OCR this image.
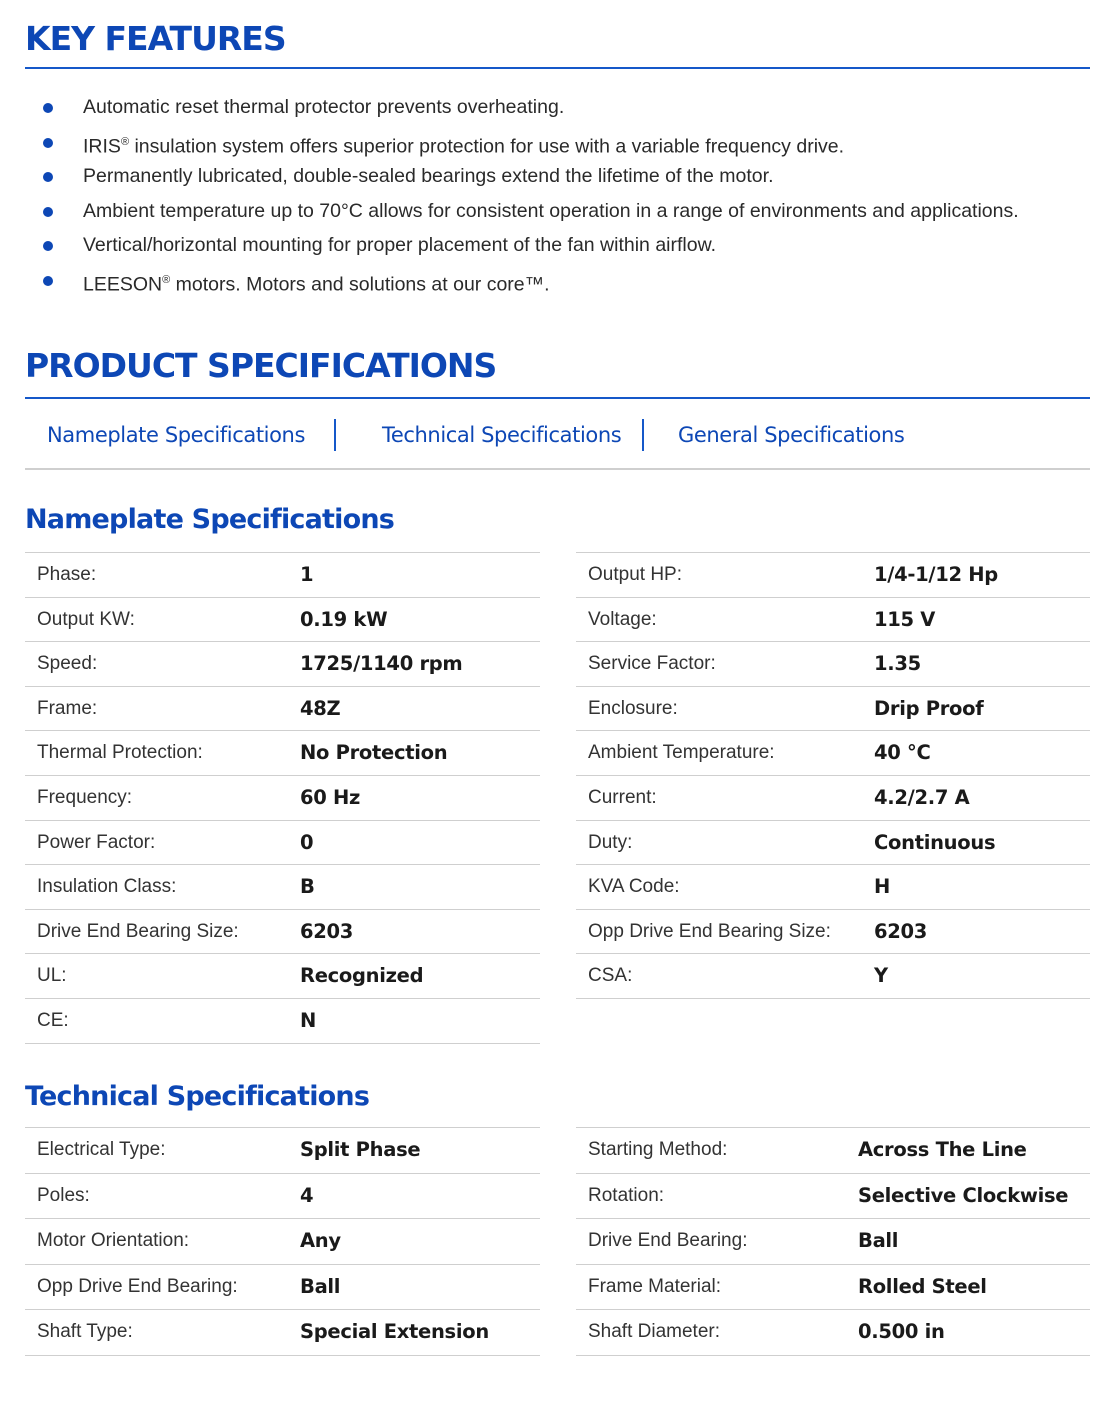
KEY FEATURES
Automatic reset thermal protector prevents overheating.
IRIS® insulation system offers superior protection for use with a variable frequency drive.
Permanently lubricated, double-sealed bearings extend the lifetime of the motor.
Ambient temperature up to 70°C allows for consistent operation in a range of environments and applications.
Vertical/horizontal mounting for proper placement of the fan within airflow.
LEESON® motors. Motors and solutions at our core™.
PRODUCT SPECIFICATIONS
Nameplate Specifications	Technical Specifications	General Specifications
Nameplate Specifications
Phase:	1
Output KW:	0.19 kW
Speed:	1725/1140 rpm
Frame:	48Z
Thermal Protection:	No Protection
Frequency:	60 Hz
Power Factor:	0
Insulation Class:	B
Drive End Bearing Size:	6203
UL:	Recognized
CE:	N
Output HP:	1/4-1/12 Hp
Voltage:	115 V
Service Factor:	1.35
Enclosure:	Drip Proof
Ambient Temperature:	40 °C
Current:	4.2/2.7 A
Duty:	Continuous
KVA Code:	H
Opp Drive End Bearing Size: 6203
CSA:	Y
Technical Specifications
Electrical Type:	Split Phase
Poles:	4
Motor Orientation:	Any
Opp Drive End Bearing:	Ball
Shaft Type:	Special Extension
Starting Method:	Across The Line
Rotation:	Selective Clockwise
Drive End Bearing:	Ball
Frame Material:	Rolled Steel
Shaft Diameter:	0.500 in
